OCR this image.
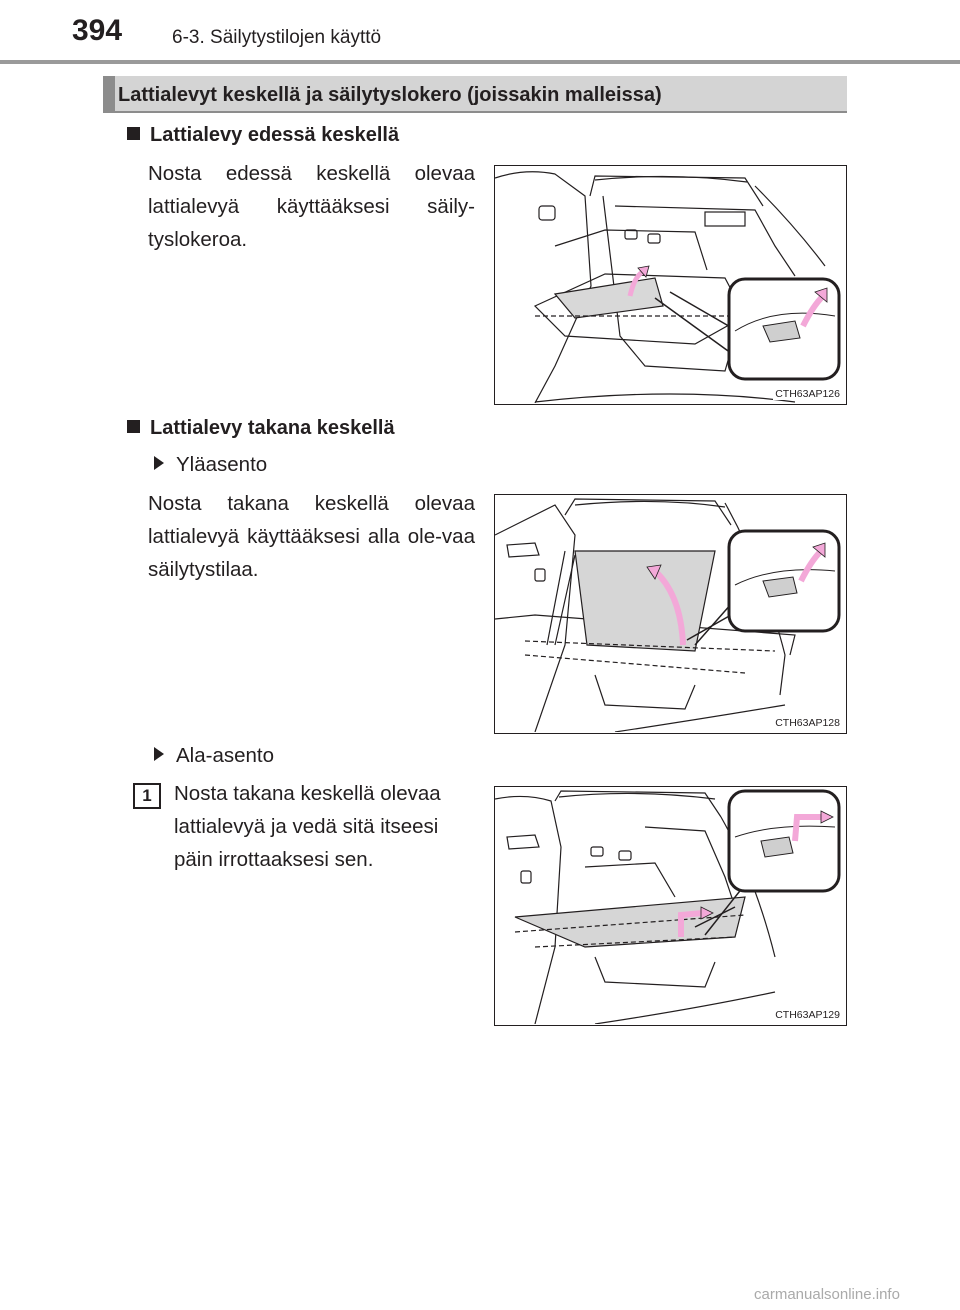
394	6-3. Säilytystilojen käyttö
Lattialevyt keskellä ja säilytyslokero (joissakin malleissa)
Lattialevy edessä keskellä
Nosta edessä keskellä olevaa lattialevyä käyttääksesi säily-tyslokeroa.
CTH63AP126
Lattialevy takana keskellä
Yläasento
Nosta takana keskellä olevaa lattialevyä käyttääksesi alla ole-vaa säilytystilaa.
CTH63AP128
Ala-asento
1	Nosta takana keskellä olevaa lattialevyä ja vedä sitä itseesi päin irrottaaksesi sen.
CTH63AP129
carmanualsonline.info
